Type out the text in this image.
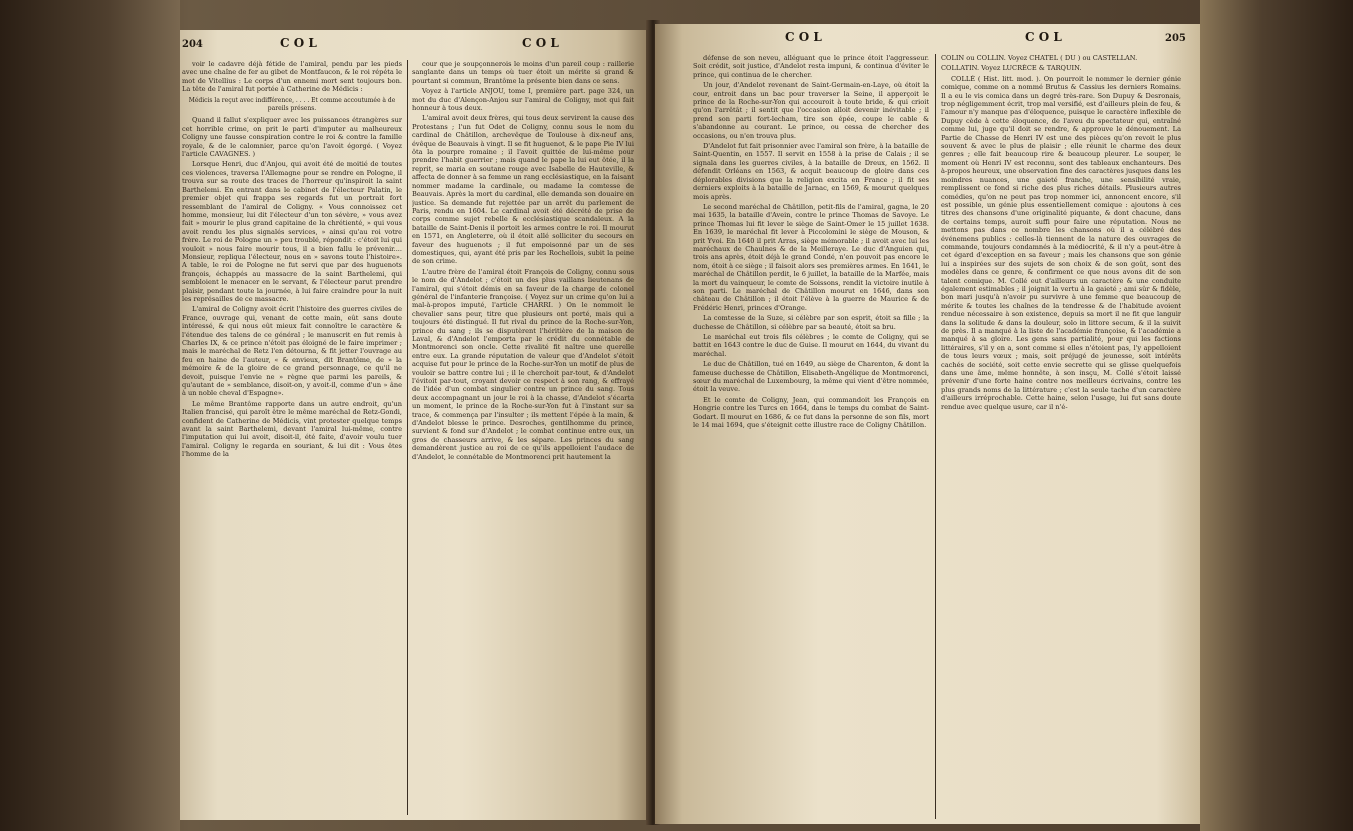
204	C O L	C O L

voir le cadavre déjà fétide de l'amiral, pendu par les pieds avec une chaîne de fer au gibet de Montfaucon, & le roi répéta le mot de Vitellius : Le corps d'un ennemi mort sent toujours bon. La tête de l'amiral fut portée à Catherine de Médicis :

Médicis la reçut avec indifférence, . . . . Et comme accoutumée à de pareils présens.

Quand il fallut s'expliquer avec les puissances étrangères sur cet horrible crime, on prit le parti d'imputer au malheureux Coligny une fausse conspiration contre le roi & contre la famille royale, & de le calomnier, parce qu'on l'avoit égorgé. ( Voyez l'article CAVAGNES. )

Lorsque Henri, duc d'Anjou, qui avoit été de moitié de toutes ces violences, traversa l'Allemagne pour se rendre en Pologne, il trouva sur sa route des traces de l'horreur qu'inspiroit la saint Barthelemi. En entrant dans le cabinet de l'électeur Palatin, le premier objet qui frappa ses regards fut un portrait fort ressemblant de l'amiral de Coligny. « Vous connoissez cet homme, monsieur, lui dit l'électeur d'un ton sévère, » vous avez fait » mourir le plus grand capitaine de la chrétienté, » qui vous avoit rendu les plus signalés services, » ainsi qu'au roi votre frère. Le roi de Pologne un » peu troublé, répondit : c'étoit lui qui vouloit » nous faire mourir tous, il a bien fallu le prévenir.... Monsieur, repliqua l'électeur, nous en » savons toute l'histoire». A table, le roi de Pologne ne fut servi que par des huguenots françois, échappés au massacre de la saint Barthelemi, qui sembloient le menacer en le servant, & l'électeur parut prendre plaisir, pendant toute la journée, à lui faire craindre pour la nuit les représailles de ce massacre.

L'amiral de Coligny avoit écrit l'histoire des guerres civiles de France, ouvrage qui, venant de cette main, eût sans doute intéressé, & qui nous eût mieux fait connoître le caractère & l'étendue des talens de ce général ; le manuscrit en fut remis à Charles IX, & ce prince n'étoit pas éloigné de le faire imprimer ; mais le maréchal de Retz l'en détourna, & fit jetter l'ouvrage au feu en haine de l'auteur, « & envieux, dit Brantôme, de » la mémoire & de la gloire de ce grand personnage, ce qu'il ne devoit, puisque l'envie ne » règne que parmi les pareils, & qu'autant de » semblance, disoit-on, y avoit-il, comme d'un » âne à un noble cheval d'Espagne».

Le même Brantôme rapporte dans un autre endroit, qu'un Italien francisé, qui paroît être le même maréchal de Retz-Gondi, confident de Catherine de Médicis, vint protester quelque temps avant la saint Barthelemi, devant l'amiral lui-même, contre l'imputation qui lui avoit, disoit-il, été faite, d'avoir voulu tuer l'amiral. Coligny le regarda en souriant, & lui dit : Vous êtes l'homme de la

cour que je soupçonnerois le moins d'un pareil coup : raillerie sanglante dans un temps où tuer étoit un mérite si grand & pourtant si commun, Brantôme la présente bien dans ce sens.

Voyez à l'article ANJOU, tome I, première part. page 324, un mot du duc d'Alençon-Anjou sur l'amiral de Coligny, mot qui fait honneur à tous deux.

L'amiral avoit deux frères, qui tous deux servirent la cause des Protestans ; l'un fut Odet de Coligny, connu sous le nom du cardinal de Châtillon, archevêque de Toulouse à dix-neuf ans, évêque de Beauvais à vingt. Il se fit huguenot, & le pape Pie IV lui ôta la pourpre romaine ; il l'avoit quittée de lui-même pour prendre l'habit guerrier ; mais quand le pape la lui eut ôtée, il la reprit, se maria en soutane rouge avec Isabelle de Hauteville, & affecta de donner à sa femme un rang ecclésiastique, en la faisant nommer madame la cardinale, ou madame la comtesse de Beauvais. Après la mort du cardinal, elle demanda son douaire en justice. Sa demande fut rejettée par un arrêt du parlement de Paris, rendu en 1604. Le cardinal avoit été décrété de prise de corps comme sujet rebelle & ecclésiastique scandaleux. A la bataille de Saint-Denis il portoit les armes contre le roi. Il mourut en 1571, en Angleterre, où il étoit allé solliciter du secours en faveur des huguenots ; il fut empoisonné par un de ses domestiques, qui, ayant été pris par les Rochellois, subit la peine de son crime.

L'autre frère de l'amiral étoit François de Coligny, connu sous le nom de d'Andelot ; c'étoit un des plus vaillans lieutenans de l'amiral, qui s'étoit démis en sa faveur de la charge de colonel général de l'infanterie françoise. ( Voyez sur un crime qu'on lui a mal-à-propos imputé, l'article CHARRI. ) On le nommoit le chevalier sans peur, titre que plusieurs ont porté, mais qui a toujours été distingué. Il fut rival du prince de la Roche-sur-Yon, prince du sang ; ils se disputèrent l'héritière de la maison de Laval, & d'Andelot l'emporta par le crédit du connétable de Montmorenci son oncle. Cette rivalité fit naître une querelle entre eux. La grande réputation de valeur que d'Andelot s'étoit acquise fut pour le prince de la Roche-sur-Yon un motif de plus de vouloir se battre contre lui ; il le cherchoit par-tout, & d'Andelot l'évitoit par-tout, croyant devoir ce respect à son rang, & effrayé de l'idée d'un combat singulier contre un prince du sang. Tous deux accompagnant un jour le roi à la chasse, d'Andelot s'écarta un moment, le prince de la Roche-sur-Yon fut à l'instant sur sa trace, & commença par l'insulter ; ils mettent l'épée à la main, & d'Andelot blesse le prince. Desroches, gentilhomme du prince, survient & fond sur d'Andelot ; le combat continue entre eux, un gros de chasseurs arrive, & les sépare. Les princes du sang demandèrent justice au roi de ce qu'ils appelloient l'audace de d'Andelot, le connétable de Montmorenci prit hautement la

C O L	C O L	205

défense de son neveu, alléguant que le prince étoit l'aggresseur. Soit crédit, soit justice, d'Andelot resta impuni, & continua d'éviter le prince, qui continua de le chercher.

Un jour, d'Andelot revenant de Saint-Germain-en-Laye, où étoit la cour, entroit dans un bac pour traverser la Seine, il apperçoit le prince de la Roche-sur-Yon qui accouroit à toute bride, & qui crioit qu'on l'arrêtât ; il sentit que l'occasion alloit devenir inévitable ; il prend son parti fort-lecham, tire son épée, coupe le cable & s'abandonne au courant. Le prince, ou cessa de chercher des occasions, ou n'en trouva plus.

D'Andelot fut fait prisonnier avec l'amiral son frère, à la bataille de Saint-Quentin, en 1557. Il servit en 1558 à la prise de Calais ; il se signala dans les guerres civiles, à la bataille de Dreux, en 1562. Il défendit Orléans en 1563, & acquit beaucoup de gloire dans ces déplorables divisions que la religion excita en France ; il fit ses derniers exploits à la bataille de Jarnac, en 1569, & mourut quelques mois après.

Le second maréchal de Châtillon, petit-fils de l'amiral, gagna, le 20 mai 1635, la bataille d'Avein, contre le prince Thomas de Savoye. Le prince Thomas lui fit lever le siège de Saint-Omer le 15 juillet 1638. En 1639, le maréchal fit lever à Piccolomini le siège de Mouson, & prit Yvoi. En 1640 il prit Arras, siège mémorable ; il avoit avec lui les maréchaux de Chaulnes & de la Meilleraye. Le duc d'Anguien qui, trois ans après, étoit déjà le grand Condé, n'en pouvoit pas encore le nom, étoit à ce siège ; il faisoit alors ses premières armes. En 1641, le maréchal de Châtillon perdit, le 6 juillet, la bataille de la Marfée, mais la mort du vainqueur, le comte de Soissons, rendit la victoire inutile à son parti. Le maréchal de Châtillon mourut en 1646, dans son château de Châtillon ; il étoit l'élève à la guerre de Maurice & de Frédéric Henri, princes d'Orange.

La comtesse de la Suze, si célèbre par son esprit, étoit sa fille ; la duchesse de Châtillon, si célèbre par sa beauté, étoit sa bru.

Le maréchal eut trois fils célèbres ; le comte de Coligny, qui se battit en 1643 contre le duc de Guise. Il mourut en 1644, du vivant du maréchal.

Le duc de Châtillon, tué en 1649, au siège de Charenton, & dont la fameuse duchesse de Châtillon, Elisabeth-Angélique de Montmorenci, sœur du maréchal de Luxembourg, la même qui vient d'être nommée, étoit la veuve.

Et le comte de Coligny, Jean, qui commandoit les François en Hongrie contre les Turcs en 1664, dans le temps du combat de Saint-Godart. Il mourut en 1686, & ce fut dans la personne de son fils, mort le 14 mai 1694, que s'éteignit cette illustre race de Coligny Châtillon.

COLIN ou COLLIN. Voyez CHATEL ( DU ) ou CASTELLAN.

COLLATIN. Voyez LUCRÈCE & TARQUIN.

COLLÉ ( Hist. litt. mod. ). On pourroit le nommer le dernier génie comique, comme on a nommé Brutus & Cassius les derniers Romains. Il a eu le vis comica dans un degré très-rare. Son Dupuy & Desronais, trop négligemment écrit, trop mal versifié, est d'ailleurs plein de feu, & l'amour n'y manque pas d'éloquence, puisque le caractère inflexible de Dupuy cède à cette éloquence, de l'aveu du spectateur qui, entraîné comme lui, juge qu'il doit se rendre, & approuve le dénouement. La Partie de Chasse de Henri IV est une des pièces qu'on revoit le plus souvent & avec le plus de plaisir ; elle réunit le charme des deux genres ; elle fait beaucoup rire & beaucoup pleurer. Le souper, le moment où Henri IV est reconnu, sont des tableaux enchanteurs. Des à-propos heureux, une observation fine des caractères jusques dans les moindres nuances, une gaieté franche, une sensibilité vraie, remplissent ce fond si riche des plus riches détails. Plusieurs autres comédies, qu'on ne peut pas trop nommer ici, annoncent encore, s'il est possible, un génie plus essentiellement comique : ajoutons à ces titres des chansons d'une originalité piquante, & dont chacune, dans de certains temps, auroit suffi pour faire une réputation. Nous ne mettons pas dans ce nombre les chansons où il a célébré des événemens publics : celles-là tiennent de la nature des ouvrages de commande, toujours condamnés à la médiocrité, & il n'y a peut-être à cet égard d'exception en sa faveur ; mais les chansons que son génie lui a inspirées sur des sujets de son choix & de son goût, sont des modèles dans ce genre, & confirment ce que nous avons dit de son talent comique. M. Collé eut d'ailleurs un caractère & une conduite également estimables ; il joignit la vertu à la gaieté ; ami sûr & fidèle, bon mari jusqu'à n'avoir pu survivre à une femme que beaucoup de mérite & toutes les chaînes de la tendresse & de l'habitude avoient rendue nécessaire à son existence, depuis sa mort il ne fit que languir dans la solitude & dans la douleur, solo in littore secum, & il la suivit de près. Il a manqué à la liste de l'académie françoise, & l'académie a manqué à sa gloire. Les gens sans partialité, pour qui les factions littéraires, s'il y en a, sont comme si elles n'étoient pas, l'y appelloient de tous leurs vœux ; mais, soit préjugé de jeunesse, soit intérêts cachés de société, soit cette envie secrette qui se glisse quelquefois dans une âme, même honnête, à son insçu, M. Collé s'étoit laissé prévenir d'une forte haine contre nos meilleurs écrivains, contre les plus grands noms de la littérature ; c'est la seule tache d'un caractère d'ailleurs irréprochable. Cette haine, selon l'usage, lui fut sans doute rendue avec quelque usure, car il n'é-
